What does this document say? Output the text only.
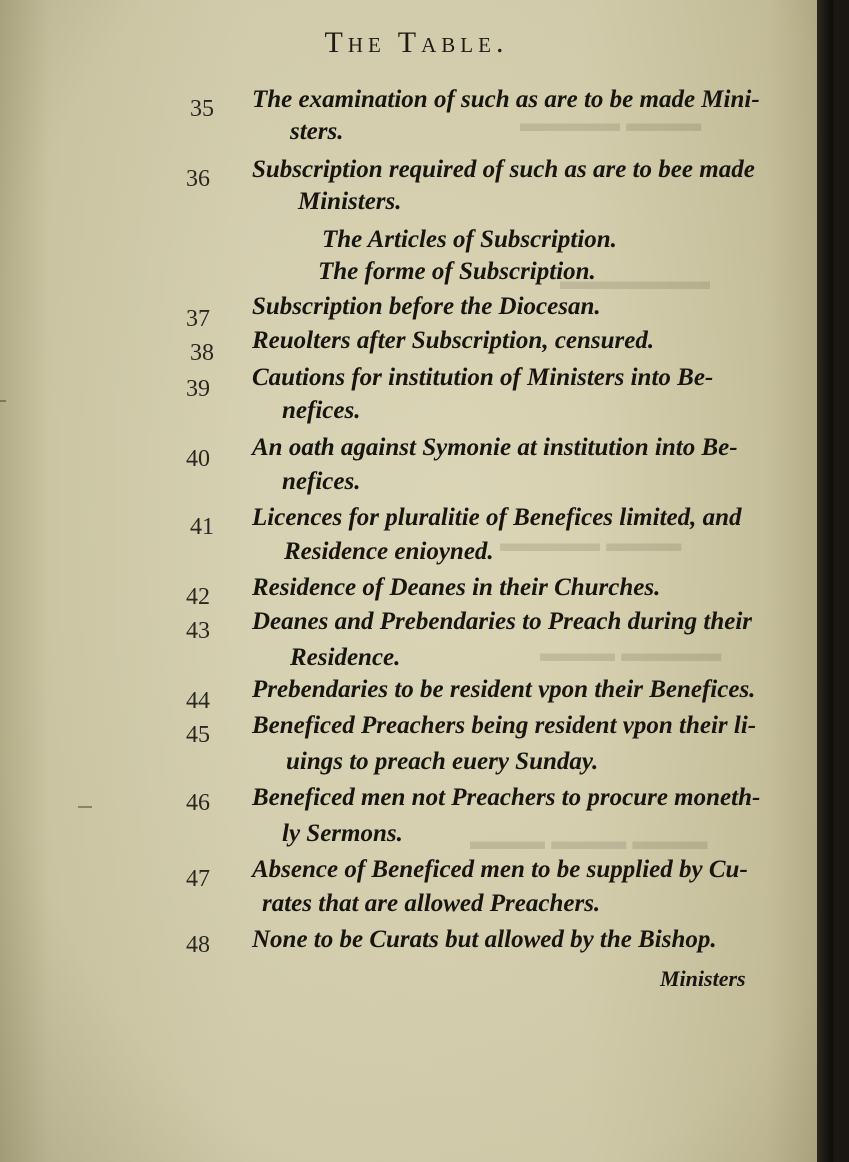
▬▬▬ ▬▬▬▬
▬▬▬▬▬▬
▬▬▬ ▬▬▬▬
▬▬▬▬ ▬▬▬
▬▬▬ ▬▬▬ ▬▬▬
The Table.
35 The examination of such as are to be made Mini-
sters.
36 Subscription required of such as are to bee made
Ministers.
The Articles of Subscription.
The forme of Subscription.
37 Subscription before the Diocesan.
38 Reuolters after Subscription, censured.
39 Cautions for institution of Ministers into Be-
nefices.
40 An oath against Symonie at institution into Be-
nefices.
41 Licences for pluralitie of Benefices limited, and
Residence enioyned.
42 Residence of Deanes in their Churches.
43 Deanes and Prebendaries to Preach during their
Residence.
44 Prebendaries to be resident vpon their Benefices.
45 Beneficed Preachers being resident vpon their li-
uings to preach euery Sunday.
46 Beneficed men not Preachers to procure moneth-
ly Sermons.
47 Absence of Beneficed men to be supplied by Cu-
rates that are allowed Preachers.
48 None to be Curats but allowed by the Bishop.
Ministers
